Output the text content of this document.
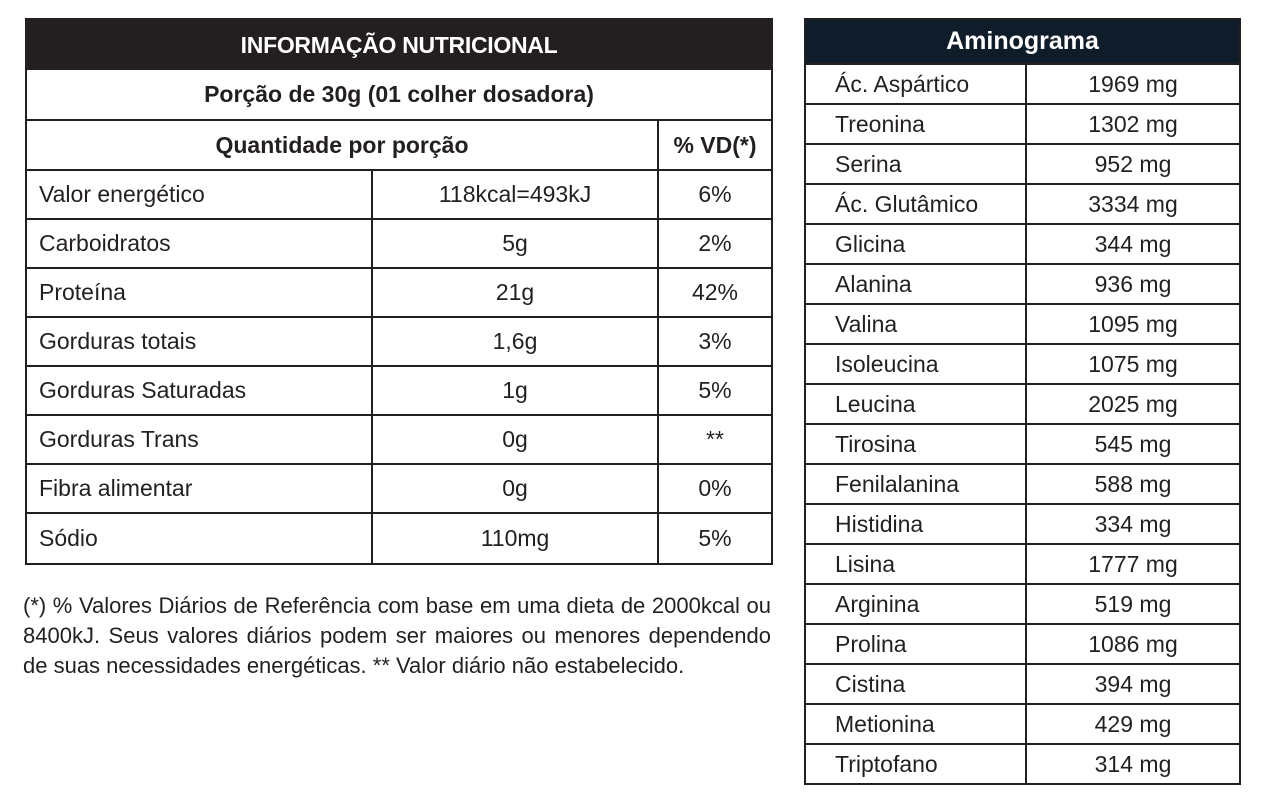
INFORMAÇÃO NUTRICIONAL
Porção de 30g (01 colher dosadora)
Quantidade por porção	% VD(*)
Valor energético	118kcal=493kJ	6%
Carboidratos	5g	2%
Proteína	21g	42%
Gorduras totais	1,6g	3%
Gorduras Saturadas	1g	5%
Gorduras Trans	0g	**
Fibra alimentar	0g	0%
Sódio	110mg	5%
(*) % Valores Diários de Referência com base em uma dieta de 2000kcal ou 8400kJ. Seus valores diários podem ser maiores ou menores dependendo de suas necessidades energéticas. ** Valor diário não estabelecido.
Aminograma
Ác. Aspártico	1969 mg
Treonina	1302 mg
Serina	952 mg
Ác. Glutâmico	3334 mg
Glicina	344 mg
Alanina	936 mg
Valina	1095 mg
Isoleucina	1075 mg
Leucina	2025 mg
Tirosina	545 mg
Fenilalanina	588 mg
Histidina	334 mg
Lisina	1777 mg
Arginina	519 mg
Prolina	1086 mg
Cistina	394 mg
Metionina	429 mg
Triptofano	314 mg
